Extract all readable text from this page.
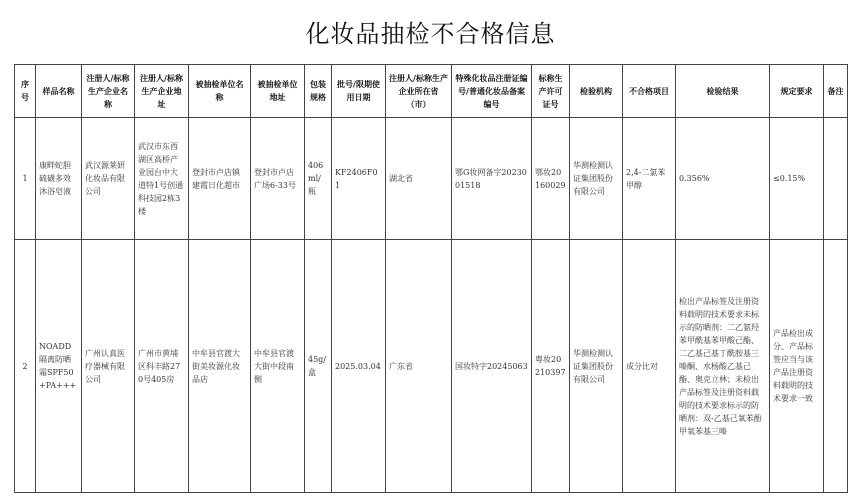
化妆品抽检不合格信息
序号	样品名称	注册人/标称生产企业名称	注册人/标称生产企业地址	被抽检单位名称	被抽检单位地址	包装规格	批号/限期使用日期	注册人/标称生产企业所在省（市）	特殊化妆品注册证编号/普通化妆品备案编号	标称生产许可证号	检验机构	不合格项目	检验结果	规定要求	备注
1	康畔蛇胆硫磺多效沐浴皂液	武汉源莱妍化妆品有限公司	武汉市东西湖区高桥产业园台中大道特1号创通科技园2栋3楼	登封市卢店镇建霞日化超市	登封市卢店广场6-33号	406ml/瓶	KF2406F01	湖北省	鄂G妆网备字2023001518	鄂妆20160029	华测检测认证集团股份有限公司	2,4-二氯苯甲醇	0.356%	≤0.15%	
2	NOADD 隔离防晒霜SPF50+PA+++	广州认真医疗器械有限公司	广州市黄埔区科丰路270号405房	中牟县官渡大街美妆源化妆品店	中牟县官渡大街中段南侧	45g/盒	2025.03.04	广东省	国妆特字20245063	粤妆20210397	华测检测认证集团股份有限公司	成分比对	检出产品标签及注册资料载明的技术要求未标示的防晒剂：二乙氨羟苯甲酰基苯甲酸己酯、二乙基己基丁酰胺基三嗪酮、水杨酸乙基己酯、奥克立林；未检出产品标签及注册资料载明的技术要求标示的防晒剂：双-乙基己氧苯酚甲氧苯基三嗪	产品检出成分、产品标签应当与该产品注册资料载明的技术要求一致	
